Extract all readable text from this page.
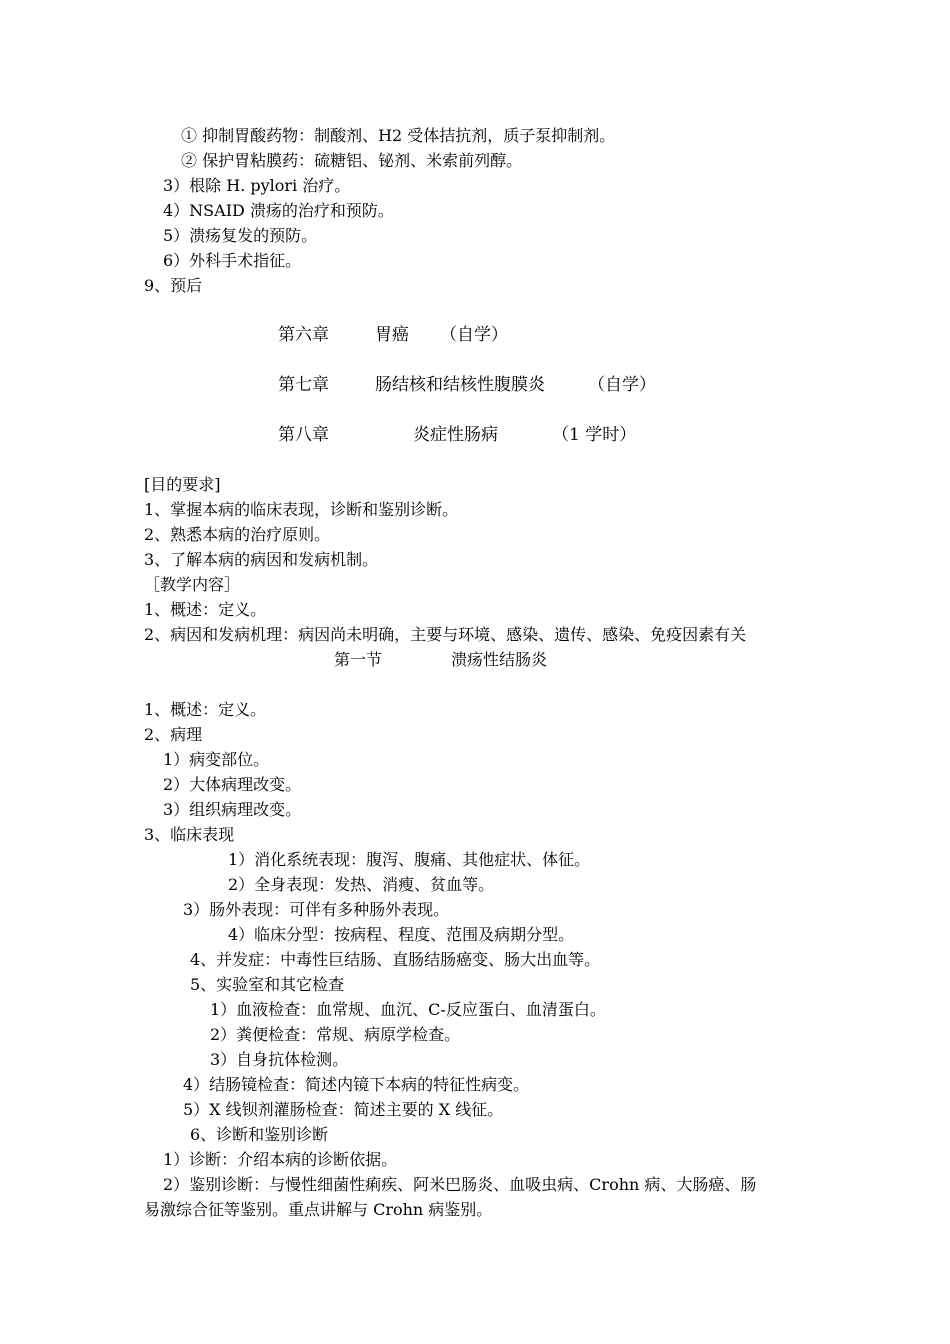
① 抑制胃酸药物：制酸剂、H2 受体拮抗剂，质子泵抑制剂。
② 保护胃粘膜药：硫糖铝、铋剂、米索前列醇。
3）根除 H. pylori 治疗。
4）NSAID 溃疡的治疗和预防。
5）溃疡复发的预防。
6）外科手术指征。
9、预后
[目的要求]
1、掌握本病的临床表现，诊断和鉴别诊断。
2、熟悉本病的治疗原则。
3、了解本病的病因和发病机制。
［教学内容］
1、概述：定义。
2、病因和发病机理：病因尚未明确，主要与环境、感染、遗传、感染、免疫因素有关
1、概述：定义。
2、病理
1）病变部位。
2）大体病理改变。
3）组织病理改变。
3、临床表现
1）消化系统表现：腹泻、腹痛、其他症状、体征。
2）全身表现：发热、消瘦、贫血等。
3）肠外表现：可伴有多种肠外表现。
4）临床分型：按病程、程度、范围及病期分型。
4、并发症：中毒性巨结肠、直肠结肠癌变、肠大出血等。
5、实验室和其它检查
1）血液检查：血常规、血沉、C-反应蛋白、血清蛋白。
2）粪便检查：常规、病原学检查。
3）自身抗体检测。
4）结肠镜检查：简述内镜下本病的特征性病变。
5）X 线钡剂灌肠检查：简述主要的 X 线征。
6、诊断和鉴别诊断
1）诊断：介绍本病的诊断依据。
2）鉴别诊断：与慢性细菌性痢疾、阿米巴肠炎、血吸虫病、Crohn 病、大肠癌、肠
易激综合征等鉴别。重点讲解与 Crohn 病鉴别。
第六章	胃癌 （自学）
第七章	肠结核和结核性腹膜炎	（自学）
第八章	炎症性肠病	（1 学时）
第一节	溃疡性结肠炎
